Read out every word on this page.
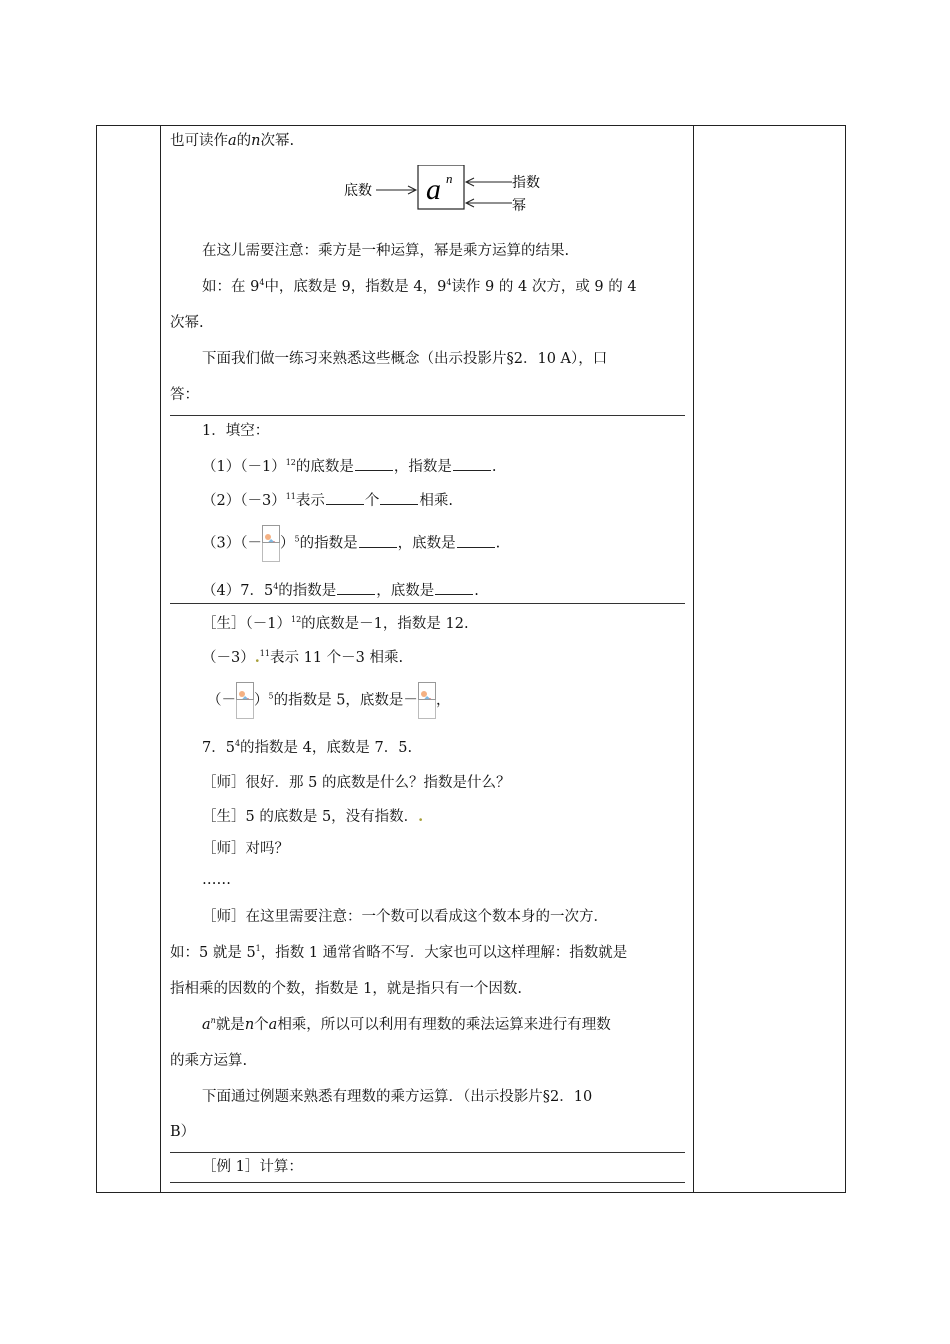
也可读作a的n次幂.
底数 a n	指数
幂
在这儿需要注意：乘方是一种运算，幂是乘方运算的结果.
如：在 $9^4$中，底数是 9，指数是 4，$9^4$读作 9 的 4 次方，或 9 的 4
次幂.
下面我们做一练习来熟悉这些概念（出示投影片§2．10 A），口
答：
1．填空：
$(1)(-1)^{12}$的底数是	，指数是	.
$(2)(-3)^{11}$表示	个	相乘.
$(3)(- )^5$的指数是	，底数是	.
（4）7．$5^4$的指数是	，底数是	.
［生$](-1)^{12}$的底数是－1，指数是 12.
（－3）.$^{11}$表示 11 个－3 相乘.
（－ ）$^5$的指数是 5，底数是－ ，
7．$5^4$的指数是 4，底数是 7．5.
［师］很好．那 5 的底数是什么？指数是什么？
［生］5 的底数是 5，没有指数．.
［师］对吗？
……
［师］在这里需要注意：一个数可以看成这个数本身的一次方．
如：5 就是 $5^1$，指数 1 通常省略不写．大家也可以这样理解：指数就是
指相乘的因数的个数，指数是 1，就是指只有一个因数.
$a^n$就是n个a相乘，所以可以利用有理数的乘法运算来进行有理数
的乘方运算.
下面通过例题来熟悉有理数的乘方运算．（出示投影片§2．10
B）
［例 1］计算：
